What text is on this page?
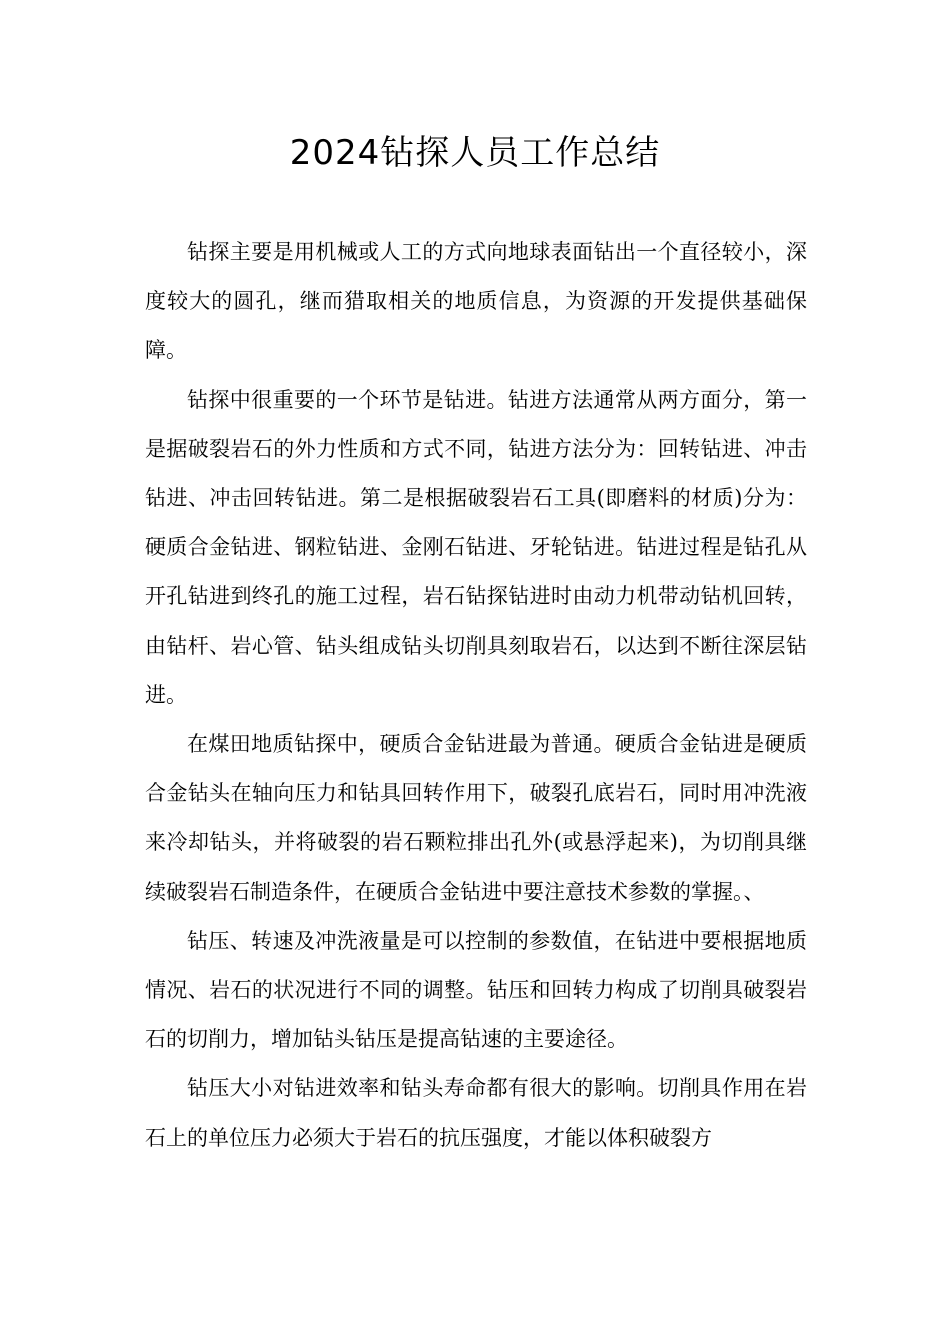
2024钻探人员工作总结

钻探主要是用机械或人工的方式向地球表面钻出一个直径较小，深度较大的圆孔，继而猎取相关的地质信息，为资源的开发提供基础保障。

钻探中很重要的一个环节是钻进。钻进方法通常从两方面分，第一是据破裂岩石的外力性质和方式不同，钻进方法分为：回转钻进、冲击钻进、冲击回转钻进。第二是根据破裂岩石工具(即磨料的材质)分为：硬质合金钻进、钢粒钻进、金刚石钻进、牙轮钻进。钻进过程是钻孔从开孔钻进到终孔的施工过程，岩石钻探钻进时由动力机带动钻机回转，由钻杆、岩心管、钻头组成钻头切削具刻取岩石，以达到不断往深层钻进。

在煤田地质钻探中，硬质合金钻进最为普通。硬质合金钻进是硬质合金钻头在轴向压力和钻具回转作用下，破裂孔底岩石，同时用冲洗液来冷却钻头，并将破裂的岩石颗粒排出孔外(或悬浮起来)，为切削具继续破裂岩石制造条件，在硬质合金钻进中要注意技术参数的掌握。、

钻压、转速及冲洗液量是可以控制的参数值，在钻进中要根据地质情况、岩石的状况进行不同的调整。钻压和回转力构成了切削具破裂岩石的切削力，增加钻头钻压是提高钻速的主要途径。

钻压大小对钻进效率和钻头寿命都有很大的影响。切削具作用在岩石上的单位压力必须大于岩石的抗压强度，才能以体积破裂方
